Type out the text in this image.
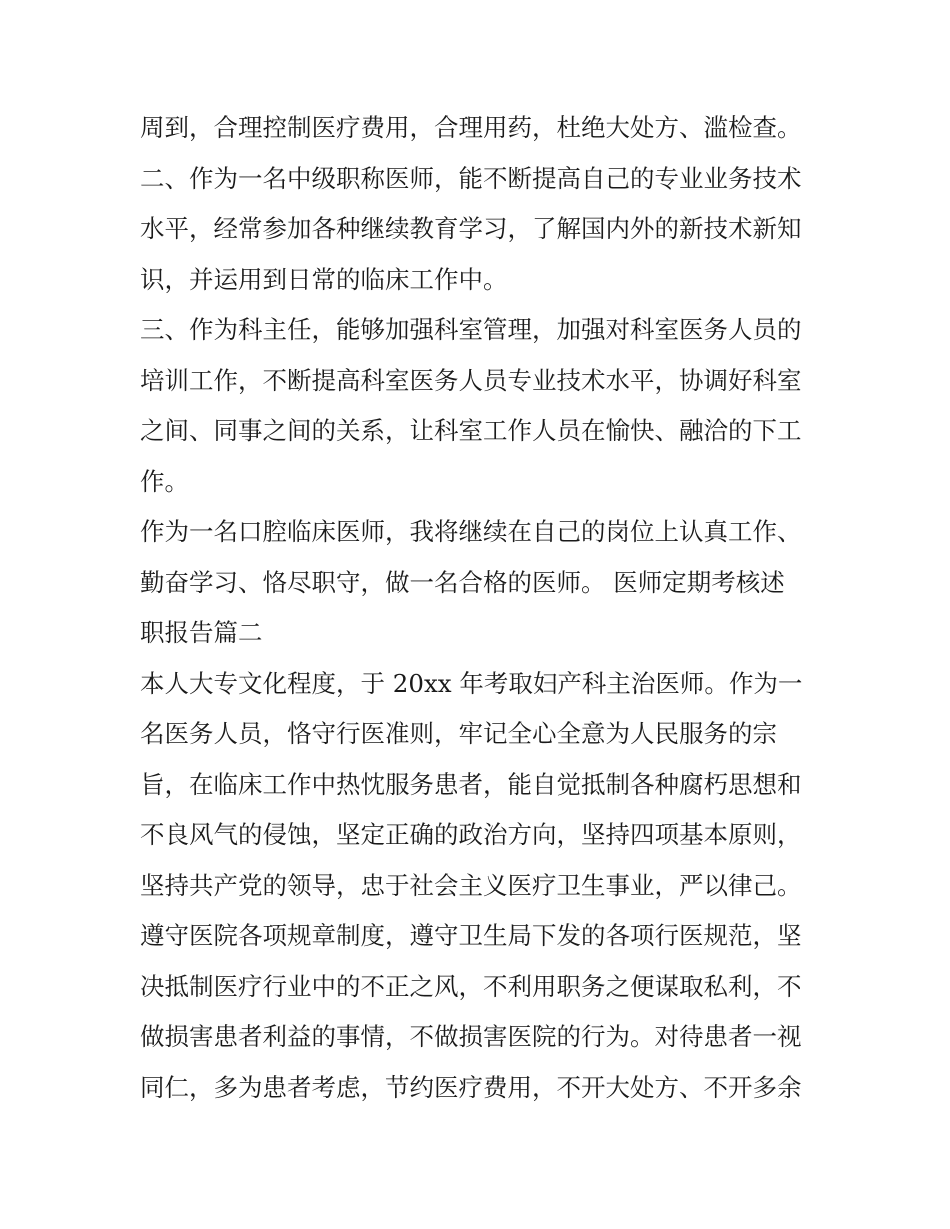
周到，合理控制医疗费用，合理用药，杜绝大处方、滥检查。
二、作为一名中级职称医师，能不断提高自己的专业业务技术
水平，经常参加各种继续教育学习，了解国内外的新技术新知
识，并运用到日常的临床工作中。
三、作为科主任，能够加强科室管理，加强对科室医务人员的
培训工作，不断提高科室医务人员专业技术水平，协调好科室
之间、同事之间的关系，让科室工作人员在愉快、融洽的下工
作。
作为一名口腔临床医师，我将继续在自己的岗位上认真工作、
勤奋学习、恪尽职守，做一名合格的医师。 医师定期考核述
职报告篇二
本人大专文化程度，于 20xx 年考取妇产科主治医师。作为一
名医务人员，恪守行医准则，牢记全心全意为人民服务的宗
旨，在临床工作中热忱服务患者，能自觉抵制各种腐朽思想和
不良风气的侵蚀，坚定正确的政治方向，坚持四项基本原则，
坚持共产党的领导，忠于社会主义医疗卫生事业，严以律己。
遵守医院各项规章制度，遵守卫生局下发的各项行医规范，坚
决抵制医疗行业中的不正之风，不利用职务之便谋取私利，不
做损害患者利益的事情，不做损害医院的行为。对待患者一视
同仁，多为患者考虑，节约医疗费用，不开大处方、不开多余
